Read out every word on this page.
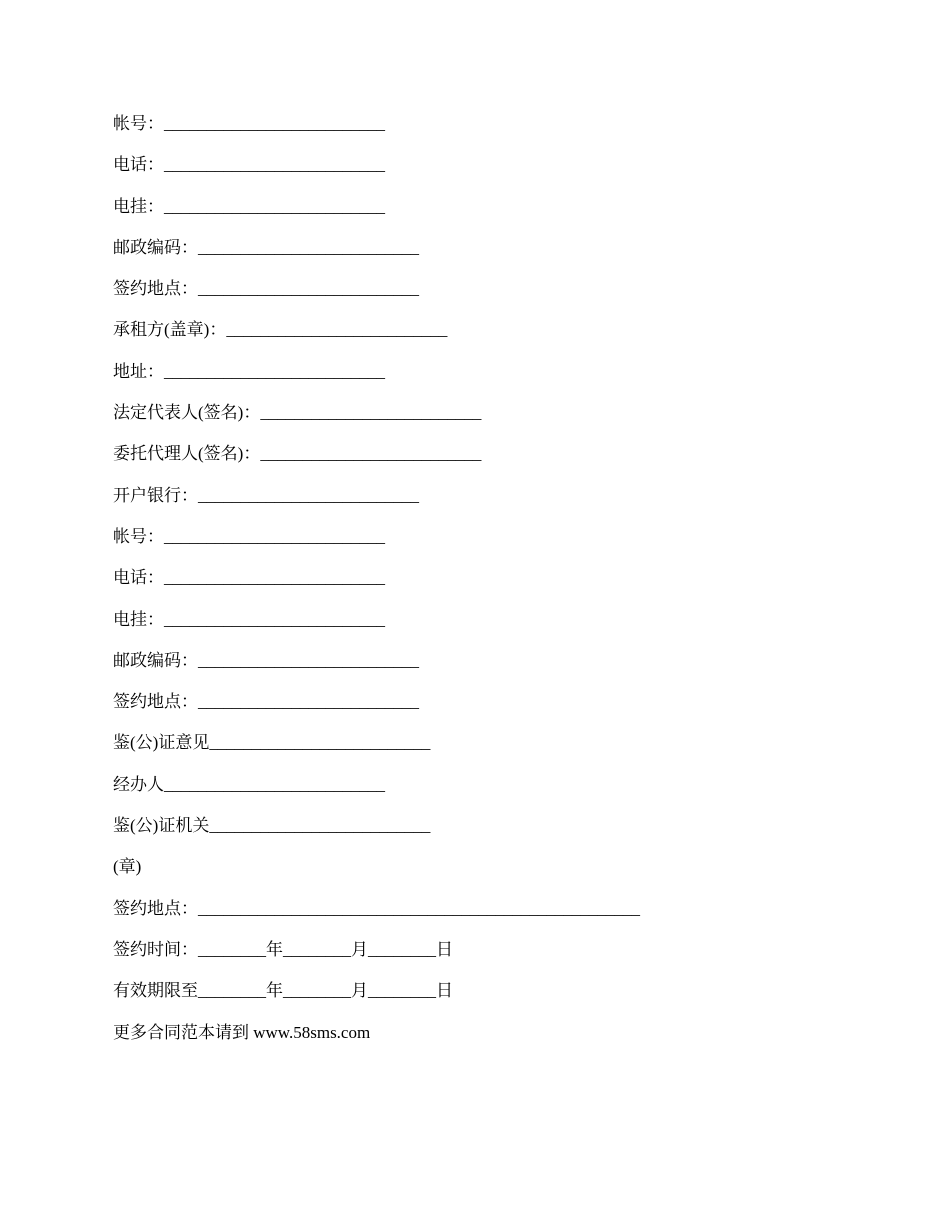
帐号：__________________________
电话：__________________________
电挂：__________________________
邮政编码：__________________________
签约地点：__________________________
承租方(盖章)：__________________________
地址：__________________________
法定代表人(签名)：__________________________
委托代理人(签名)：__________________________
开户银行：__________________________
帐号：__________________________
电话：__________________________
电挂：__________________________
邮政编码：__________________________
签约地点：__________________________
鉴(公)证意见__________________________
经办人__________________________
鉴(公)证机关__________________________
(章)
签约地点：____________________________________________________
签约时间：________年________月________日
有效期限至________年________月________日
更多合同范本请到 www.58sms.com
